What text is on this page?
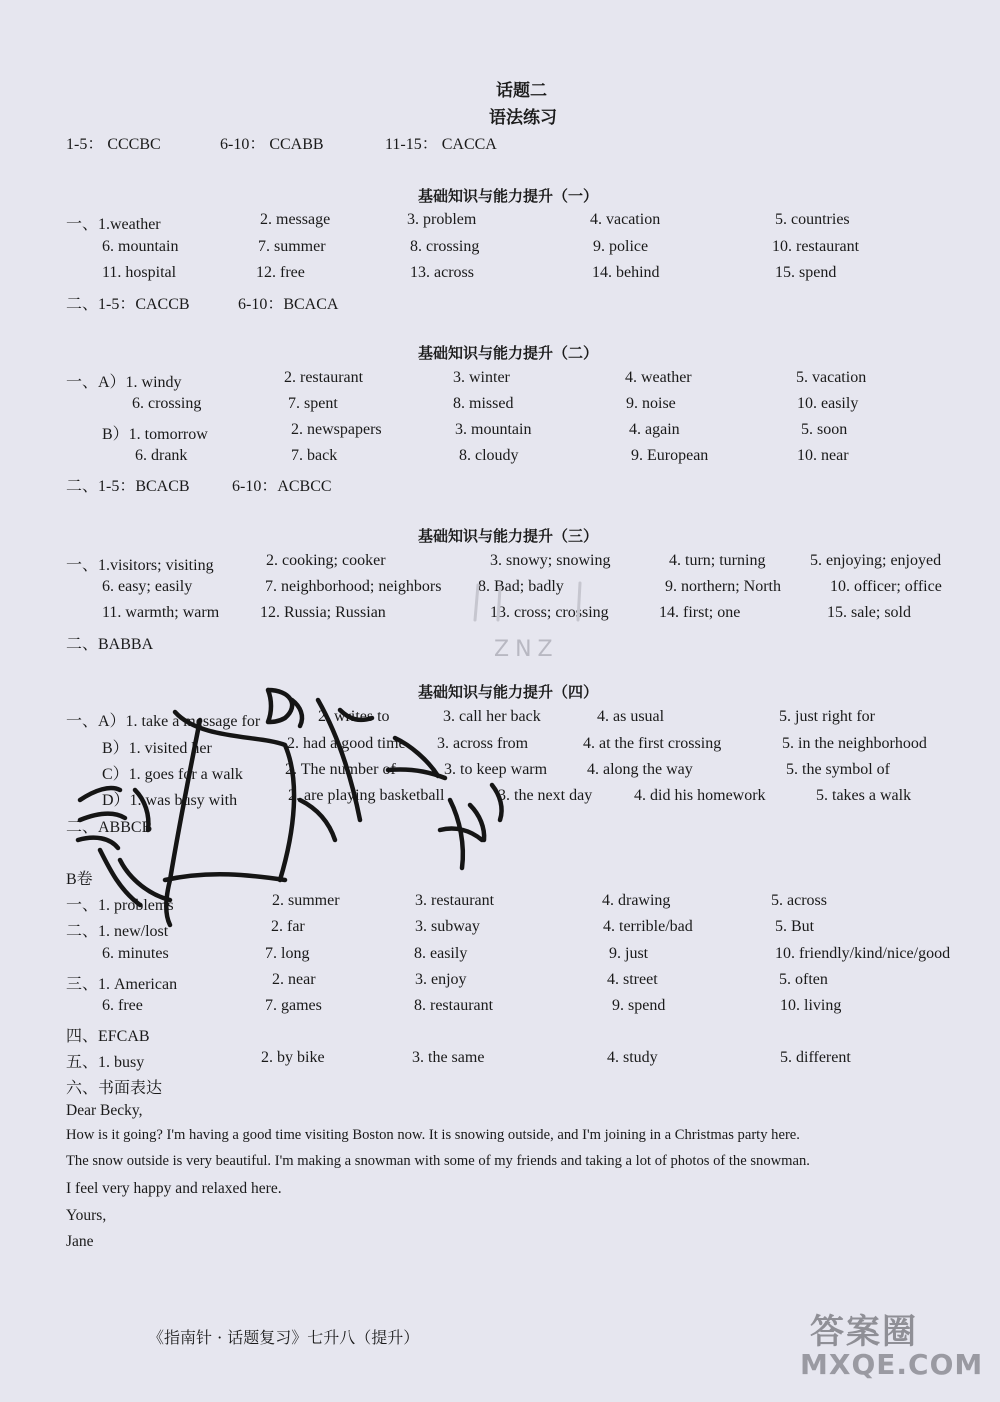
话题二
语法练习
1-5： CCCBC	6-10： CCABB	11-15： CACCA
基础知识与能力提升（一）
一、1.weather	2. message	3. problem	4. vacation	5. countries
6. mountain	7. summer	8. crossing	9. police	10. restaurant
11. hospital	12. free	13. across	14. behind	15. spend
二、1-5：CACCB	6-10：BCACA
基础知识与能力提升（二）
一、A）1. windy	2. restaurant	3. winter	4. weather	5. vacation
6. crossing	7. spent	8. missed	9. noise	10. easily
B）1. tomorrow	2. newspapers	3. mountain	4. again	5. soon
6. drank	7. back	8. cloudy	9. European	10. near
二、1-5：BCACB	6-10：ACBCC
基础知识与能力提升（三）
一、1.visitors; visiting	2. cooking; cooker	3. snowy; snowing	4. turn; turning	5. enjoying; enjoyed
6. easy; easily	7. neighborhood; neighbors 8. Bad; badly	9. northern; North	10. officer; office
11. warmth; warm	12. Russia; Russian	13. cross; crossing	14. first; one	15. sale; sold
二、BABBA	ZNZ
基础知识与能力提升（四）
一、A）1. take a message for	2. writes to	3. call her back	4. as usual	5. just right for
B）1. visited her	2. had a good time 3. across from	4. at the first crossing	5. in the neighborhood
C）1. goes for a walk	2. The number of	3. to keep warm 4. along the way	5. the symbol of
D）1. was busy with	2. are playing basketball	3. the next day	4. did his homework	5. takes a walk
二、ABBCB
B卷
一、1. problems	2. summer	3. restaurant	4. drawing	5. across
二、1. new/lost	2. far	3. subway	4. terrible/bad	5. But
6. minutes	7. long	8. easily	9. just	10. friendly/kind/nice/good
三、1. American	2. near	3. enjoy	4. street	5. often
6. free	7. games	8. restaurant	9. spend	10. living
四、EFCAB
五、1. busy	2. by bike	3. the same	4. study	5. different
六、书面表达
Dear Becky,
How is it going? I'm having a good time visiting Boston now. It is snowing outside, and I'm joining in a Christmas party here.
The snow outside is very beautiful. I'm making a snowman with some of my friends and taking a lot of photos of the snowman.
I feel very happy and relaxed here.
Yours,
Jane
《指南针 · 话题复习》七升八（提升）	答案圈
MXQE.COM
